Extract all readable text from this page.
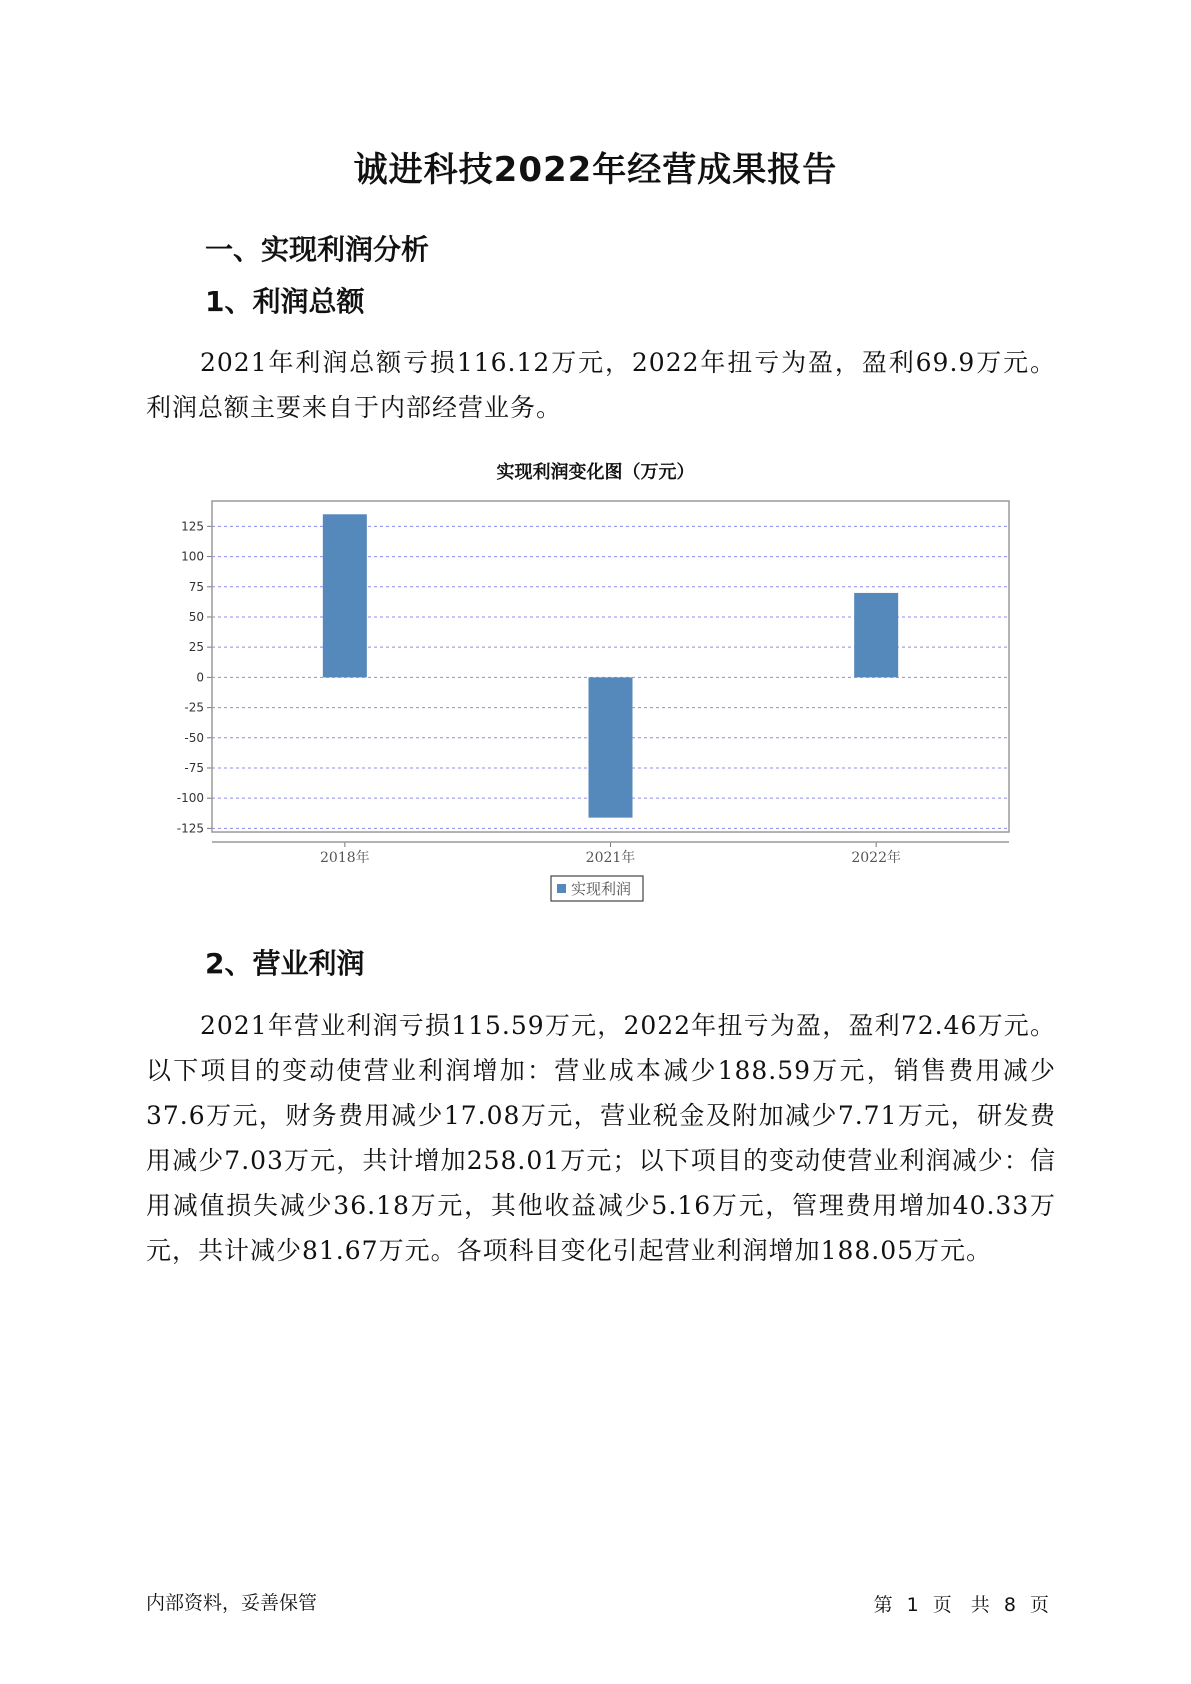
诚进科技2022年经营成果报告
一、实现利润分析
1、利润总额
2021年利润总额亏损116.12万元，2022年扭亏为盈，盈利69.9万元。利润总额主要来自于内部经营业务。
实现利润变化图（万元）
125
100
75
50
25
0
-25
-50
-75
-100
-125
2018年	2021年	2022年
实现利润
2、营业利润
2021年营业利润亏损115.59万元，2022年扭亏为盈，盈利72.46万元。以下项目的变动使营业利润增加：营业成本减少188.59万元，销售费用减少37.6万元，财务费用减少17.08万元，营业税金及附加减少7.71万元，研发费用减少7.03万元，共计增加258.01万元；以下项目的变动使营业利润减少：信用减值损失减少36.18万元，其他收益减少5.16万元，管理费用增加40.33万元，共计减少81.67万元。各项科目变化引起营业利润增加188.05万元。
内部资料，妥善保管	第 1 页　共 8 页
